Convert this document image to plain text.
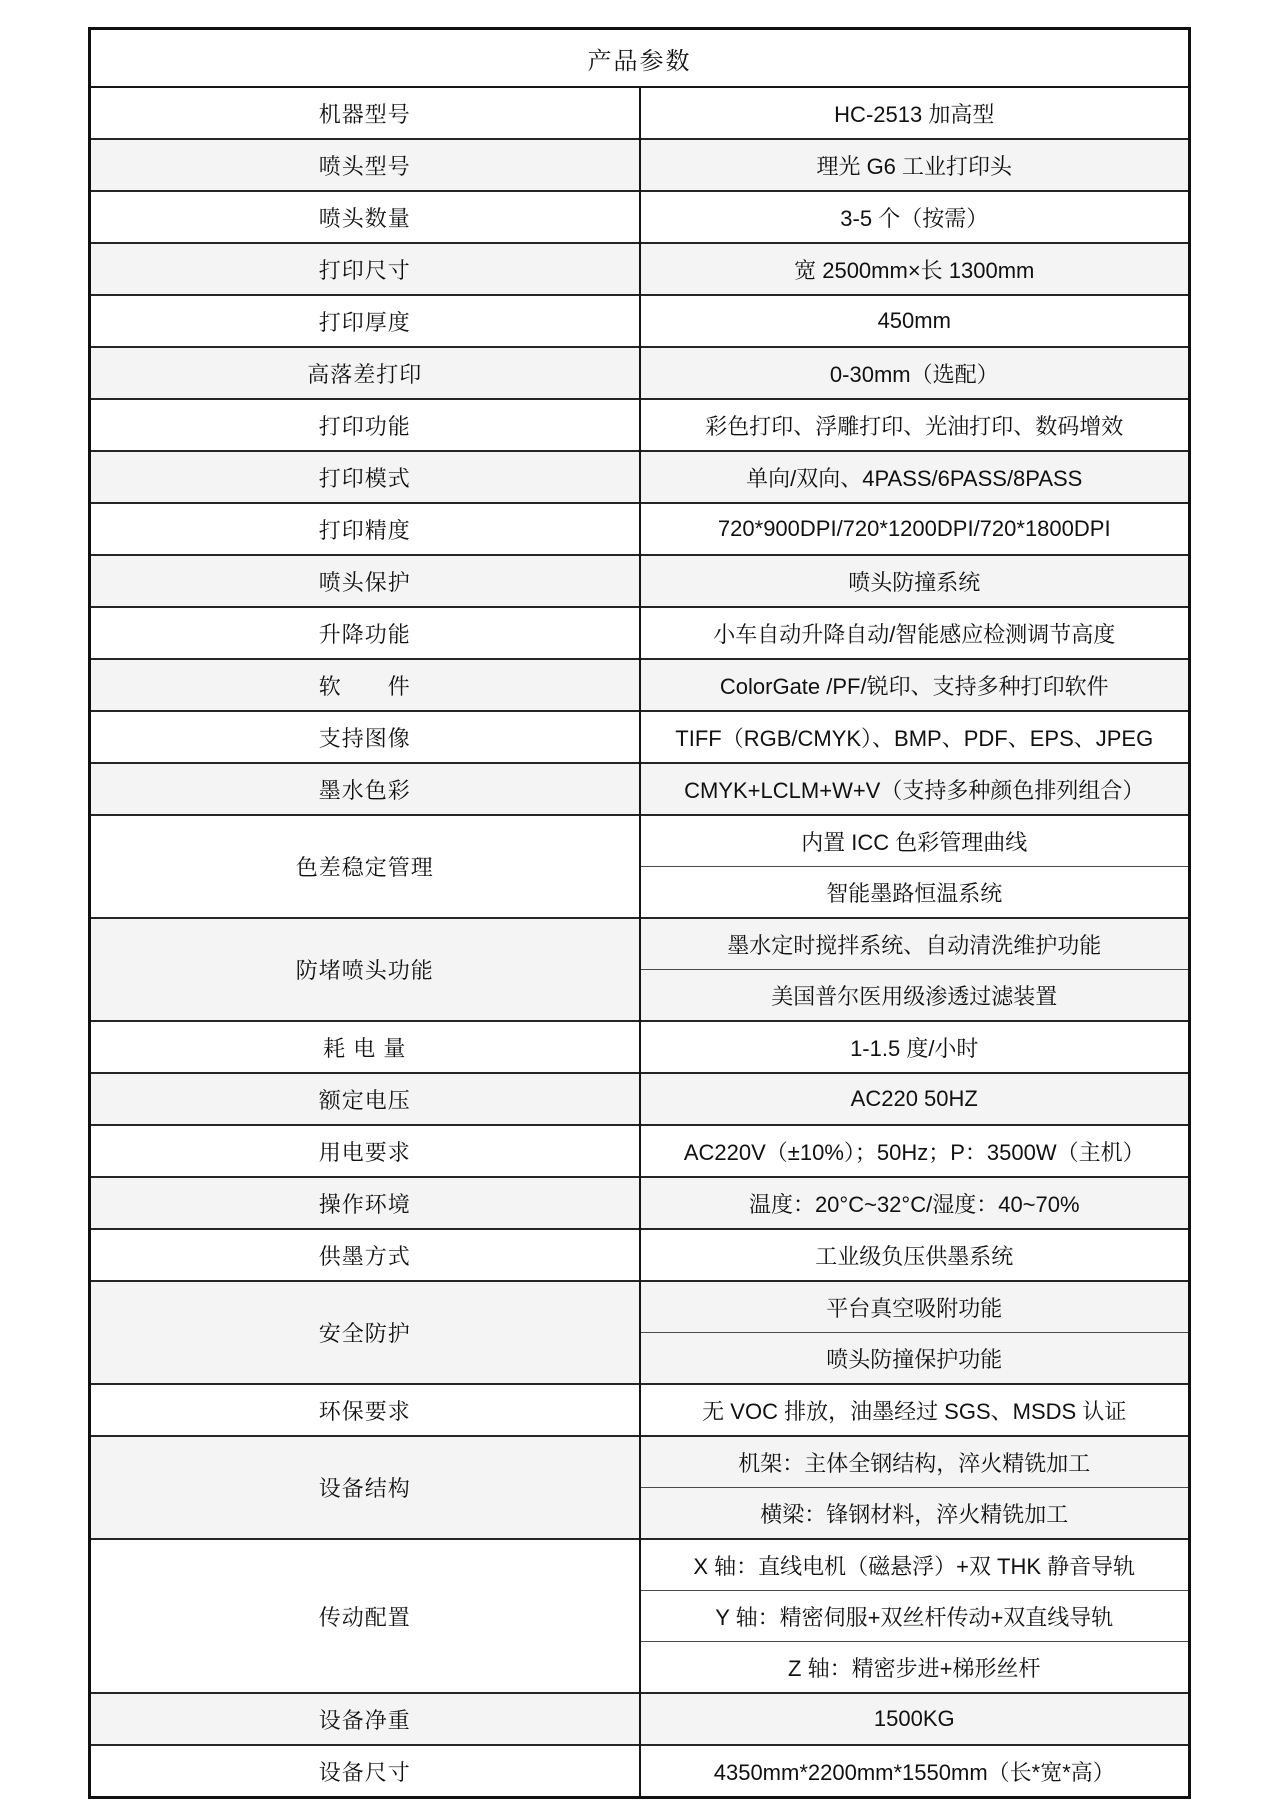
产品参数	
机器型号	HC-2513 加高型
喷头型号	理光 G6 工业打印头
喷头数量	3-5 个（按需）
打印尺寸	宽 2500mm×长 1300mm
打印厚度	450mm
高落差打印	0-30mm（选配）
打印功能	彩色打印、浮雕打印、光油打印、数码增效
打印模式	单向/双向、4PASS/6PASS/8PASS
打印精度	720*900DPI/720*1200DPI/720*1800DPI
喷头保护	喷头防撞系统
升降功能	小车自动升降自动/智能感应检测调节高度
软　　件	ColorGate /PF/锐印、支持多种打印软件
支持图像	TIFF（RGB/CMYK）、BMP、PDF、EPS、JPEG
墨水色彩	CMYK+LCLM+W+V（支持多种颜色排列组合）
色差稳定管理	内置 ICC 色彩管理曲线
	智能墨路恒温系统
防堵喷头功能	墨水定时搅拌系统、自动清洗维护功能
	美国普尔医用级渗透过滤装置
耗 电 量	1-1.5 度/小时
额定电压	AC220 50HZ
用电要求	AC220V（±10%）；50Hz；P：3500W（主机）
操作环境	温度：20°C~32°C/湿度：40~70%
供墨方式	工业级负压供墨系统
安全防护	平台真空吸附功能
	喷头防撞保护功能
环保要求	无 VOC 排放，油墨经过 SGS、MSDS 认证
设备结构	机架：主体全钢结构，淬火精铣加工
	横梁：锋钢材料，淬火精铣加工
传动配置	X 轴：直线电机（磁悬浮）+双 THK 静音导轨
	Y 轴：精密伺服+双丝杆传动+双直线导轨
	Z 轴：精密步进+梯形丝杆
设备净重	1500KG
设备尺寸	4350mm*2200mm*1550mm（长*宽*高）
